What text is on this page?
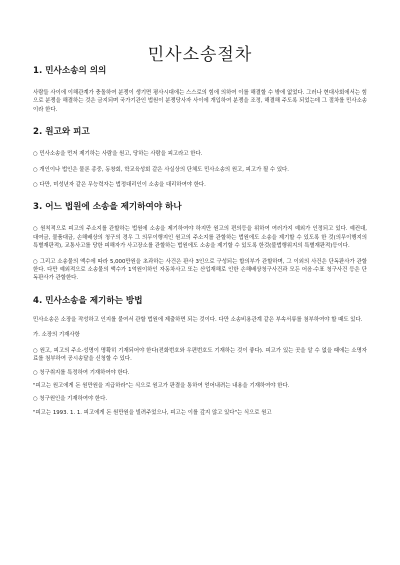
민사소송절차
1. 민사소송의 의의

사람들 사이에 이해관계가 충돌하여 분쟁이 생기면 평사시대에는 스스로의 힘에 의하여 이를 해결할 수 밖에 없었다. 그러나 현대사회에서는 힘으로 분쟁을 해결하는 것은 금지되며 국가기관인 법원이 분쟁당사자 사이에 개입하여 분쟁을 조정, 해결해 주도록 되었는데 그 절차를 민사소송이라 한다.

2. 원고와 피고

○ 민사소송을 먼저 제기하는 사람을 원고, 당하는 사람을 피고라고 한다.

○ 개인이나 법인은 물론 종중, 동창회, 학교육성회 같은 사실상의 단체도 민사소송의 원고, 피고가 될 수 있다.

○ 다만, 미성년자 같은 무능력자는 법정대리인이 소송을 대리하여야 한다.

3. 어느 법원에 소송을 제기하여야 하나

○ 원칙적으로 피고의 주소지를 관할하는 법원에 소송을 제기하여야 하지만 원고의 편의등을 위하여 여러가지 예외가 인정되고 있다. 예컨대, 대여금, 물품대금, 손해배상의 청구의 경우 그 의무이행지인 원고의 주소지를 관할하는 법원에도 소송을 제기할 수 있도록 한 것(의무이행지의 특별재판적), 교통사고를 당한 피해자가 사고장소를 관할하는 법원에도 소송을 제기할 수 있도록 한것(불법행위지의 특별재판적)등이다.

○ 그리고 소송물의 액수에 따라 5,000만원을 초과하는 사건은 판사 3인으로 구성되는 합의부가 관할하며, 그 이외의 사건은 단독판사가 관할한다. 다만 예외적으로 소송물의 액수가 1억원이하인 자동차사고 또는 산업재해로 인한 손해배상청구사건과 모든 어음·수표 청구사건 등은 단독판사가 관할한다.

4. 민사소송을 제기하는 방법

민사소송은 소장을 작성하고 인지를 붙여서 관할 법원에 제출하면 되는 것이다. 다만 소송비용관계 같은 부속서류를 첨부하여야 할 때도 있다.

가. 소장의 기재사항

○ 원고, 피고의 주소·성명이 명확히 기재되어야 한다(전화번호와 우편번호도 기재하는 것이 좋다). 피고가 있는 곳을 알 수 없을 때에는 소명자료를 첨부하여 공시송달을 신청할 수 있다.

○ 청구취지를 특정하여 기재하여야 한다.

"피고는 원고에게 돈 원만원을 지급하라"는 식으로 원고가 판결을 통하여 얻어내려는 내용을 기재하여야 한다.

○ 청구원인을 기재하여야 한다.

"피고는 1993. 1. 1. 피고에게 돈 원만원을 빌려주었으나, 피고는 이를 갚지 않고 있다"는 식으로 원고
